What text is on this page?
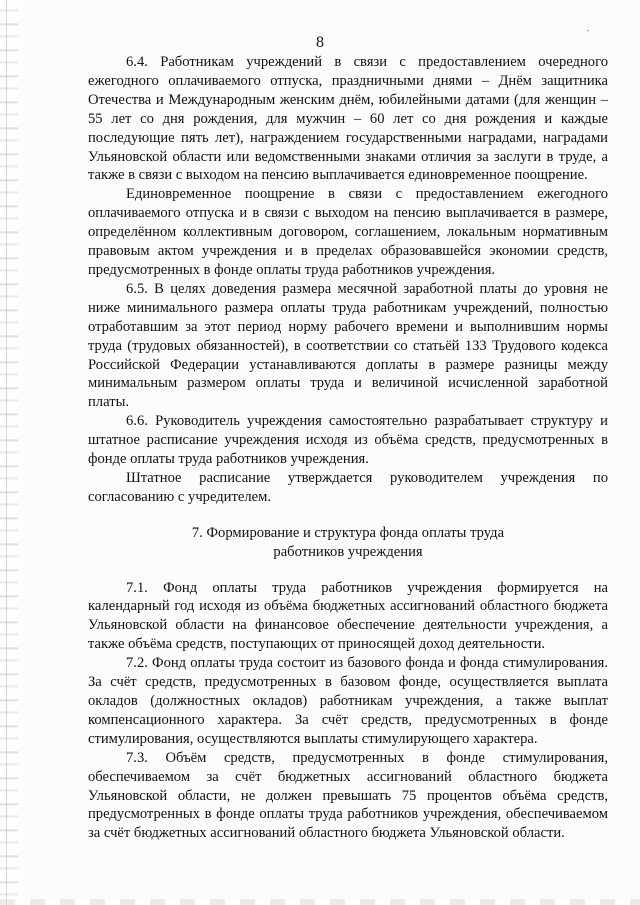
ˏ
8

6.4. Работникам учреждений в связи с предоставлением очередного ежегодного оплачиваемого отпуска, праздничными днями – Днём защитника Отечества и Международным женским днём, юбилейными датами (для женщин – 55 лет со дня рождения, для мужчин – 60 лет со дня рождения и каждые последующие пять лет), награждением государственными наградами, наградами Ульяновской области или ведомственными знаками отличия за заслуги в труде, а также в связи с выходом на пенсию выплачивается единовременное поощрение.

Единовременное поощрение в связи с предоставлением ежегодного оплачиваемого отпуска и в связи с выходом на пенсию выплачивается в размере, определённом коллективным договором, соглашением, локальным нормативным правовым актом учреждения и в пределах образовавшейся экономии средств, предусмотренных в фонде оплаты труда работников учреждения.

6.5. В целях доведения размера месячной заработной платы до уровня не ниже минимального размера оплаты труда работникам учреждений, полностью отработавшим за этот период норму рабочего времени и выполнившим нормы труда (трудовых обязанностей), в соответствии со статьёй 133 Трудового кодекса Российской Федерации устанавливаются доплаты в размере разницы между минимальным размером оплаты труда и величиной исчисленной заработной платы.

6.6. Руководитель учреждения самостоятельно разрабатывает структуру и штатное расписание учреждения исходя из объёма средств, предусмотренных в фонде оплаты труда работников учреждения.

Штатное расписание утверждается руководителем учреждения по согласованию с учредителем.

7. Формирование и структура фонда оплаты труда
работников учреждения

7.1. Фонд оплаты труда работников учреждения формируется на календарный год исходя из объёма бюджетных ассигнований областного бюджета Ульяновской области на финансовое обеспечение деятельности учреждения, а также объёма средств, поступающих от приносящей доход деятельности.

7.2. Фонд оплаты труда состоит из базового фонда и фонда стимулирования. За счёт средств, предусмотренных в базовом фонде, осуществляется выплата окладов (должностных окладов) работникам учреждения, а также выплат компенсационного характера. За счёт средств, предусмотренных в фонде стимулирования, осуществляются выплаты стимулирующего характера.

7.3. Объём средств, предусмотренных в фонде стимулирования, обеспечиваемом за счёт бюджетных ассигнований областного бюджета Ульяновской области, не должен превышать 75 процентов объёма средств, предусмотренных в фонде оплаты труда работников учреждения, обеспечиваемом за счёт бюджетных ассигнований областного бюджета Ульяновской области.
